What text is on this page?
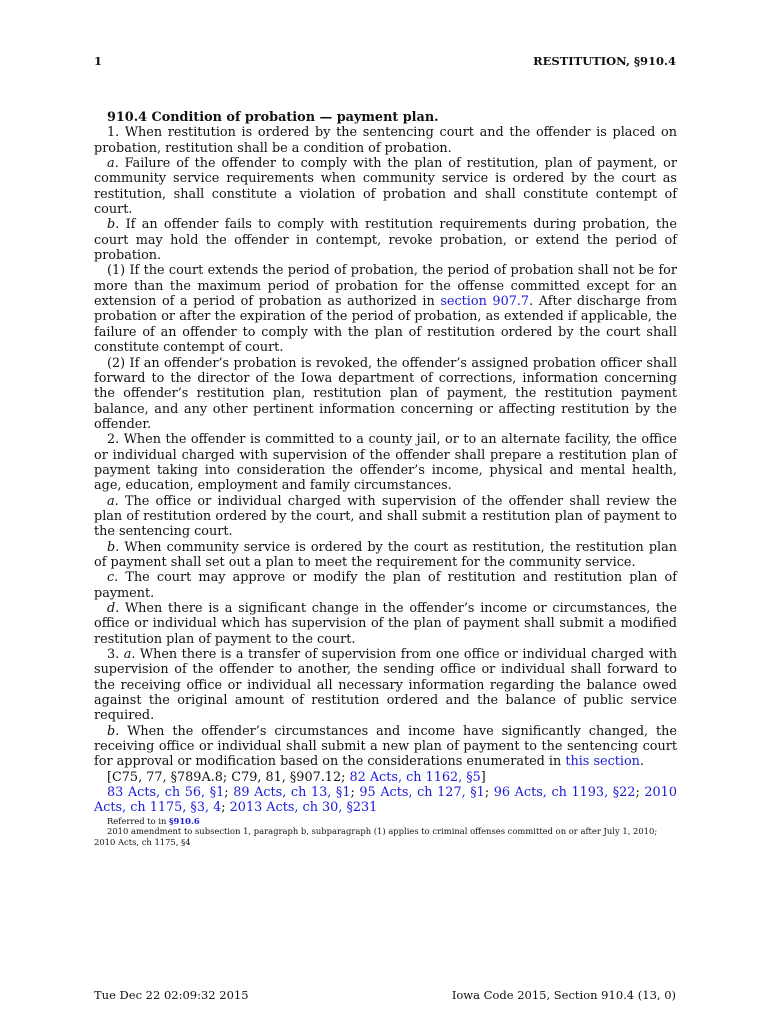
1	RESTITUTION, §910.4

910.4 Condition of probation — payment plan.

1. When restitution is ordered by the sentencing court and the offender is placed on probation, restitution shall be a condition of probation.

a. Failure of the offender to comply with the plan of restitution, plan of payment, or community service requirements when community service is ordered by the court as restitution, shall constitute a violation of probation and shall constitute contempt of court.

b. If an offender fails to comply with restitution requirements during probation, the court may hold the offender in contempt, revoke probation, or extend the period of probation.

(1) If the court extends the period of probation, the period of probation shall not be for more than the maximum period of probation for the offense committed except for an extension of a period of probation as authorized in section 907.7. After discharge from probation or after the expiration of the period of probation, as extended if applicable, the failure of an offender to comply with the plan of restitution ordered by the court shall constitute contempt of court.

(2) If an offender’s probation is revoked, the offender’s assigned probation officer shall forward to the director of the Iowa department of corrections, information concerning the offender’s restitution plan, restitution plan of payment, the restitution payment balance, and any other pertinent information concerning or affecting restitution by the offender.

2. When the offender is committed to a county jail, or to an alternate facility, the office or individual charged with supervision of the offender shall prepare a restitution plan of payment taking into consideration the offender’s income, physical and mental health, age, education, employment and family circumstances.

a. The office or individual charged with supervision of the offender shall review the plan of restitution ordered by the court, and shall submit a restitution plan of payment to the sentencing court.

b. When community service is ordered by the court as restitution, the restitution plan of payment shall set out a plan to meet the requirement for the community service.

c. The court may approve or modify the plan of restitution and restitution plan of payment.

d. When there is a significant change in the offender’s income or circumstances, the office or individual which has supervision of the plan of payment shall submit a modified restitution plan of payment to the court.

3. a. When there is a transfer of supervision from one office or individual charged with supervision of the offender to another, the sending office or individual shall forward to the receiving office or individual all necessary information regarding the balance owed against the original amount of restitution ordered and the balance of public service required.

b. When the offender’s circumstances and income have significantly changed, the receiving office or individual shall submit a new plan of payment to the sentencing court for approval or modification based on the considerations enumerated in this section.

[C75, 77, §789A.8; C79, 81, §907.12; 82 Acts, ch 1162, §5]

83 Acts, ch 56, §1; 89 Acts, ch 13, §1; 95 Acts, ch 127, §1; 96 Acts, ch 1193, §22; 2010 Acts, ch 1175, §3, 4; 2013 Acts, ch 30, §231

Referred to in §910.6

2010 amendment to subsection 1, paragraph b, subparagraph (1) applies to criminal offenses committed on or after July 1, 2010; 2010 Acts, ch 1175, §4

Tue Dec 22 02:09:32 2015	Iowa Code 2015, Section 910.4 (13, 0)
